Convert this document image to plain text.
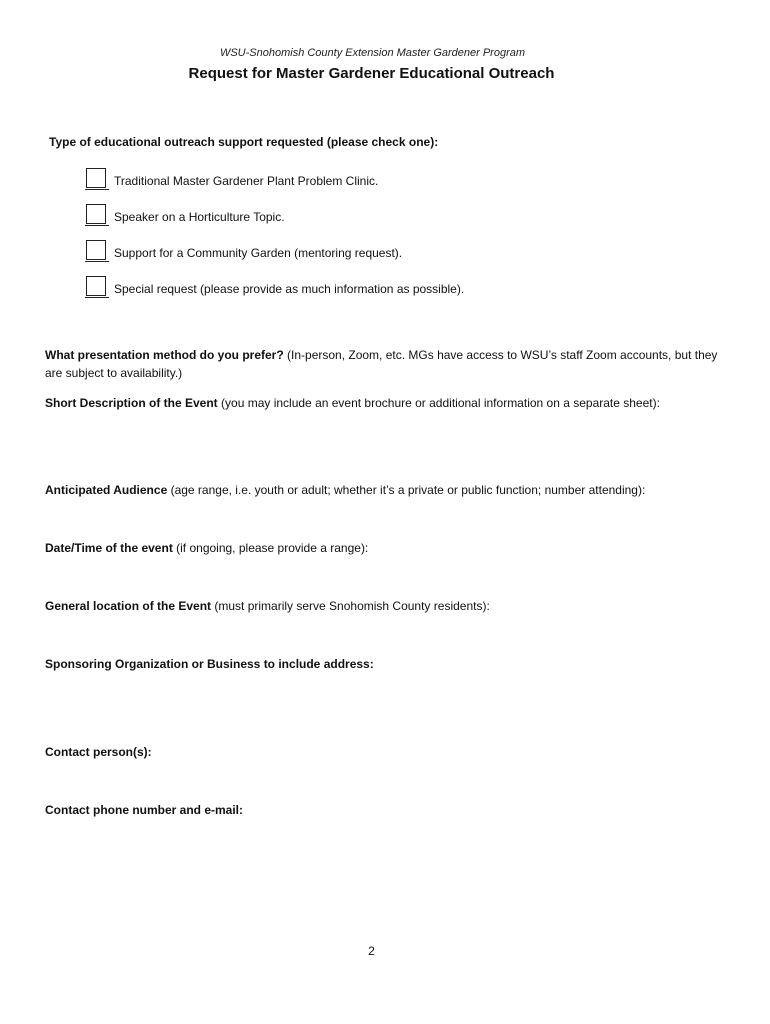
WSU-Snohomish County Extension Master Gardener Program
Request for Master Gardener Educational Outreach
Type of educational outreach support requested (please check one):
Traditional Master Gardener Plant Problem Clinic.
Speaker on a Horticulture Topic.
Support for a Community Garden (mentoring request).
Special request (please provide as much information as possible).
What presentation method do you prefer? (In-person, Zoom, etc. MGs have access to WSU’s staff Zoom accounts, but they are subject to availability.)
Short Description of the Event (you may include an event brochure or additional information on a separate sheet):
Anticipated Audience (age range, i.e. youth or adult; whether it’s a private or public function; number attending):
Date/Time of the event (if ongoing, please provide a range):
General location of the Event (must primarily serve Snohomish County residents):
Sponsoring Organization or Business to include address:
Contact person(s):
Contact phone number and e-mail:
2
